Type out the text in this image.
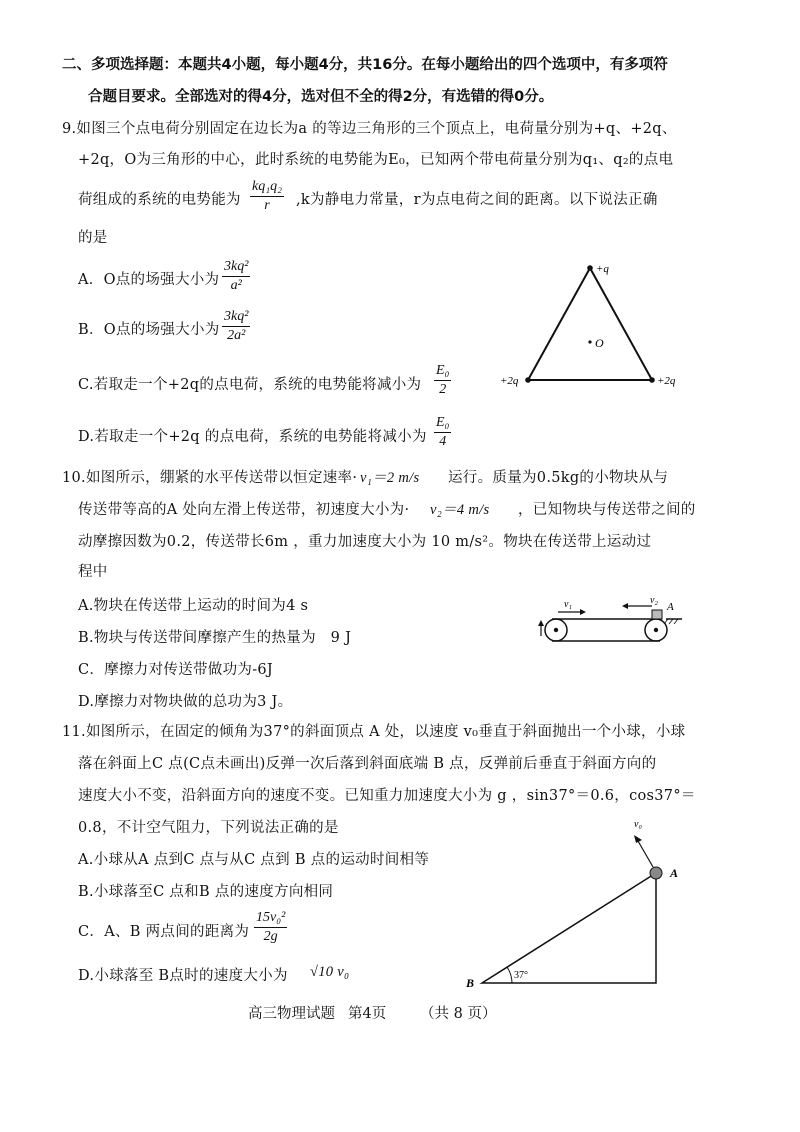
二、多项选择题：本题共4小题，每小题4分，共16分。在每小题给出的四个选项中，有多项符
合题目要求。全部选对的得4分，选对但不全的得2分，有选错的得0分。
9.如图三个点电荷分别固定在边长为a 的等边三角形的三个顶点上，电荷量分别为+q、+2q、
+2q，O为三角形的中心，此时系统的电势能为E₀，已知两个带电荷量分别为q₁、q₂的点电
荷组成的系统的电势能为 $\frac{\text{kq₁q₂}}{r} ,k$为静电力常量，r为点电荷之间的距离。以下说法正确
的是
A．O点的场强大小为 $\frac{\text{3kq²}}{\text{a²}}$
B．O点的场强大小为 $\frac{\text{3kq²}}{\text{2a²}}$
C.若取走一个+2q的点电荷，系统的电势能将减小为 $\frac{\text{E₀}}{2}$
D.若取走一个+2q 的点电荷，系统的电势能将减小为 $\frac{\text{E₀}}{4}$
+q
+2q	+2q
O
10.如图所示，绷紧的水平传送带以恒定速率· v₁＝2 m/s 运行。质量为0.5kg的小物块从与
传送带等高的A 处向左滑上传送带，初速度大小为· v₂＝4 m/s ，已知物块与传送带之间的
动摩擦因数为0.2，传送带长6m ，重力加速度大小为 10 m/s²。物块在传送带上运动过
程中
A.物块在传送带上运动的时间为4 s
B.物块与传送带间摩擦产生的热量为　9 J
C．摩擦力对传送带做功为-6J
D.摩擦力对物块做的总功为3 J。
v₁	v₂
A
11.如图所示，在固定的倾角为37°的斜面顶点 A 处，以速度 v₀垂直于斜面抛出一个小球，小球
落在斜面上C 点(C点未画出)反弹一次后落到斜面底端 B 点，反弹前后垂直于斜面方向的
速度大小不变，沿斜面方向的速度不变。已知重力加速度大小为 g ，sin37°＝0.6，cos37°＝
0.8，不计空气阻力，下列说法正确的是
A.小球从A 点到C 点与从C 点到 B 点的运动时间相等
B.小球落至C 点和B 点的速度方向相同
C．A、B 两点间的距离为 $\frac{\text{15v₀²}}{2g}$
D.小球落至 B点时的速度大小为 √10 v₀
v₀
A
B
37°
高三物理试题 第4页 （共 8 页）
